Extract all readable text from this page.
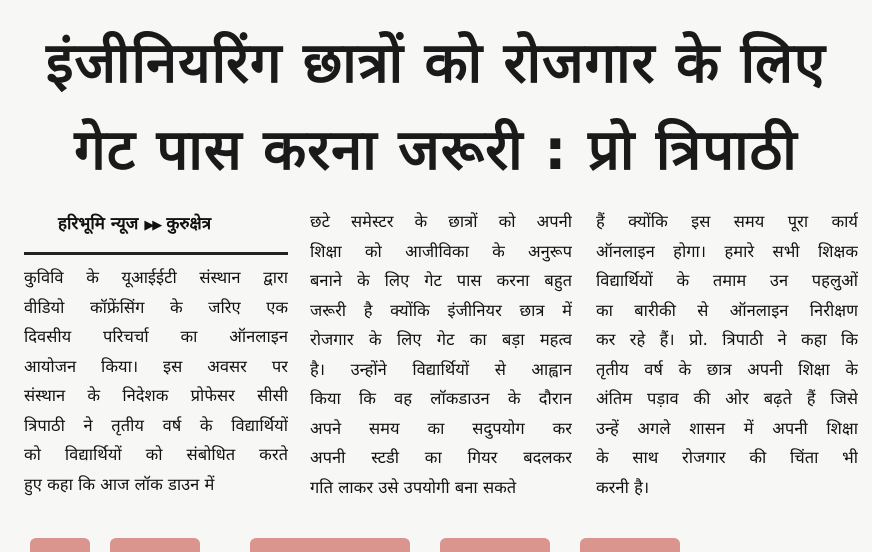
इंजीनियरिंग छात्रों को रोजगार के लिए
गेट पास करना जरूरी : प्रो त्रिपाठी
हरिभूमि न्यूज ▶▶ कुरुक्षेत्र
कुविवि के यूआईईटी संस्थान द्वारा
वीडियो कॉफ्रेंसिंग के जरिए एक
दिवसीय परिचर्चा का ऑनलाइन
आयोजन किया। इस अवसर पर
संस्थान के निदेशक प्रोफेसर सीसी
त्रिपाठी ने तृतीय वर्ष के विद्यार्थियों
को विद्यार्थियों को संबोधित करते
हुए कहा कि आज लॉक डाउन में
छटे समेस्टर के छात्रों को अपनी
शिक्षा को आजीविका के अनुरूप
बनाने के लिए गेट पास करना बहुत
जरूरी है क्योंकि इंजीनियर छात्र में
रोजगार के लिए गेट का बड़ा महत्व
है। उन्होंने विद्यार्थियों से आह्वान
किया कि वह लॉकडाउन के दौरान
अपने समय का सदुपयोग कर
अपनी स्टडी का गियर बदलकर
गति लाकर उसे उपयोगी बना सकते
हैं क्योंकि इस समय पूरा कार्य
ऑनलाइन होगा। हमारे सभी शिक्षक
विद्यार्थियों के तमाम उन पहलुओं
का बारीकी से ऑनलाइन निरीक्षण
कर रहे हैं। प्रो. त्रिपाठी ने कहा कि
तृतीय वर्ष के छात्र अपनी शिक्षा के
अंतिम पड़ाव की ओर बढ़ते हैं जिसे
उन्हें अगले शासन में अपनी शिक्षा
के साथ रोजगार की चिंता भी
करनी है।
